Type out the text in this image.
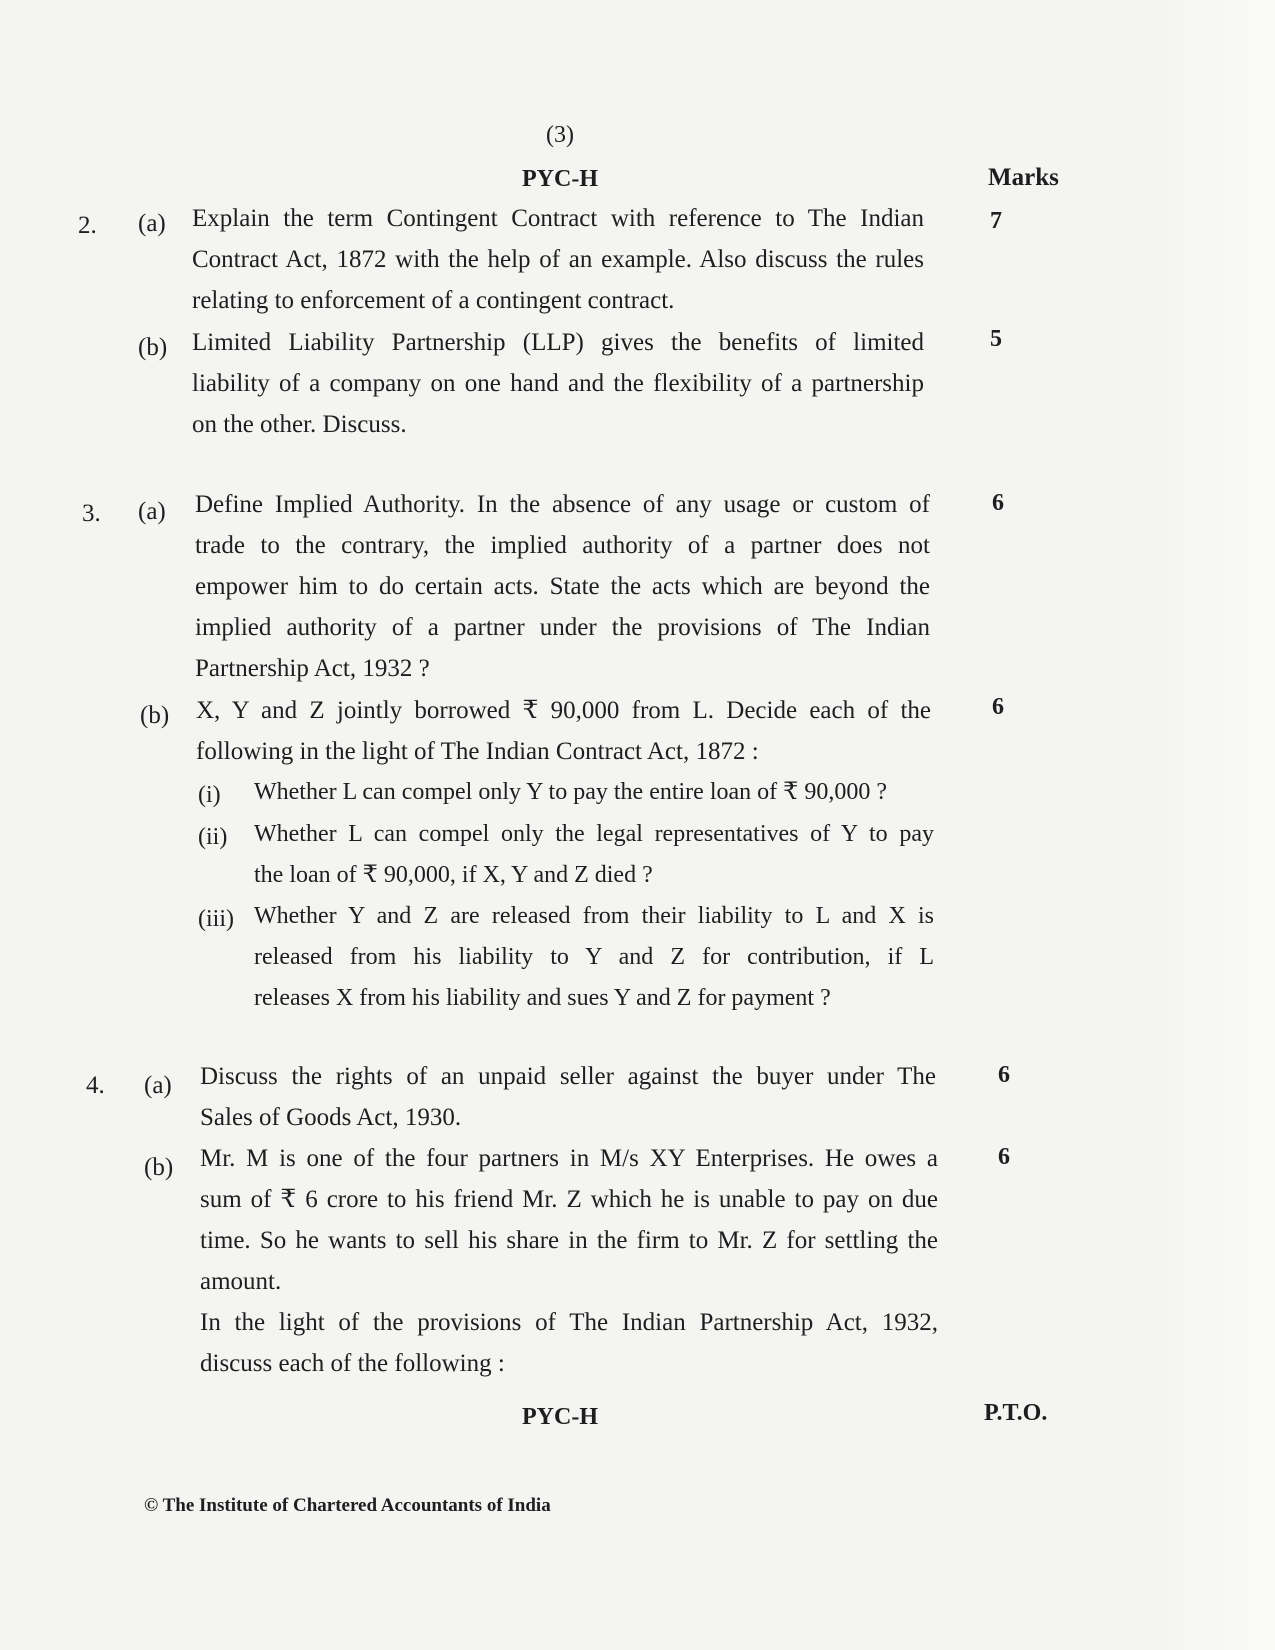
(3)
PYC-H	Marks
2. (a)	7
Explain the term Contingent Contract with reference to The Indian
Contract Act, 1872 with the help of an example. Also discuss the rules
relating to enforcement of a contingent contract.
(b)	5
Limited Liability Partnership (LLP) gives the benefits of limited
liability of a company on one hand and the flexibility of a partnership
on the other. Discuss.
3. (a)	6
Define Implied Authority. In the absence of any usage or custom of
trade to the contrary, the implied authority of a partner does not
empower him to do certain acts. State the acts which are beyond the
implied authority of a partner under the provisions of The Indian
Partnership Act, 1932 ?
(b)	6
X, Y and Z jointly borrowed ₹ 90,000 from L. Decide each of the
following in the light of The Indian Contract Act, 1872 :
(i) Whether L can compel only Y to pay the entire loan of ₹ 90,000 ?
(ii) Whether L can compel only the legal representatives of Y to pay
the loan of ₹ 90,000, if X, Y and Z died ?
(iii) Whether Y and Z are released from their liability to L and X is
released from his liability to Y and Z for contribution, if L
releases X from his liability and sues Y and Z for payment ?
4. (a)	6
Discuss the rights of an unpaid seller against the buyer under The
Sales of Goods Act, 1930.
(b)	6
Mr. M is one of the four partners in M/s XY Enterprises. He owes a
sum of ₹ 6 crore to his friend Mr. Z which he is unable to pay on due
time. So he wants to sell his share in the firm to Mr. Z for settling the
amount.
In the light of the provisions of The Indian Partnership Act, 1932,
discuss each of the following :
PYC-H	P.T.O.
© The Institute of Chartered Accountants of India
